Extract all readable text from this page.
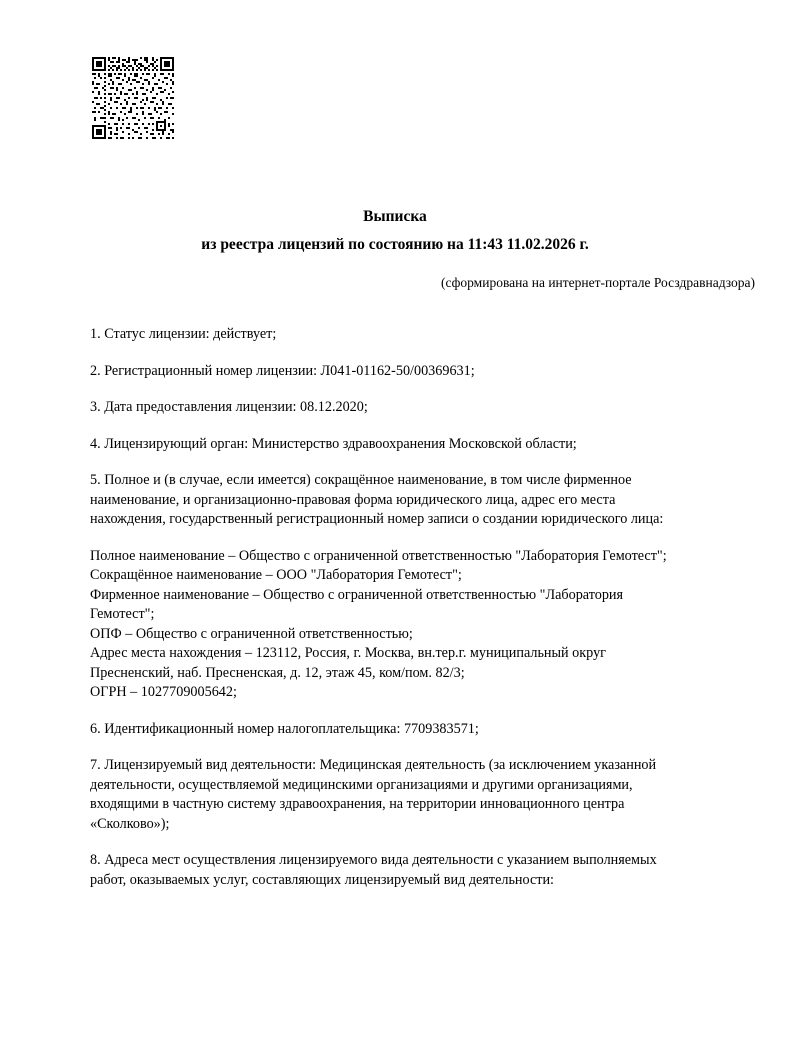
Выписка
из реестра лицензий по состоянию на 11:43 11.02.2026 г.
(сформирована на интернет-портале Росздравнадзора)
1. Статус лицензии: действует;
2. Регистрационный номер лицензии: Л041-01162-50/00369631;
3. Дата предоставления лицензии: 08.12.2020;
4. Лицензирующий орган: Министерство здравоохранения Московской области;
5. Полное и (в случае, если имеется) сокращённое наименование, в том числе фирменное
наименование, и организационно-правовая форма юридического лица, адрес его места
нахождения, государственный регистрационный номер записи о создании юридического лица:
Полное наименование – Общество с ограниченной ответственностью "Лаборатория Гемотест";
Сокращённое наименование – ООО "Лаборатория Гемотест";
Фирменное наименование – Общество с ограниченной ответственностью "Лаборатория
Гемотест";
ОПФ – Общество с ограниченной ответственностью;
Адрес места нахождения – 123112, Россия, г. Москва, вн.тер.г. муниципальный округ
Пресненский, наб. Пресненская, д. 12, этаж 45, ком/пом. 82/3;
ОГРН – 1027709005642;
6. Идентификационный номер налогоплательщика: 7709383571;
7. Лицензируемый вид деятельности: Медицинская деятельность (за исключением указанной
деятельности, осуществляемой медицинскими организациями и другими организациями,
входящими в частную систему здравоохранения, на территории инновационного центра
«Сколково»);
8. Адреса мест осуществления лицензируемого вида деятельности с указанием выполняемых
работ, оказываемых услуг, составляющих лицензируемый вид деятельности:
